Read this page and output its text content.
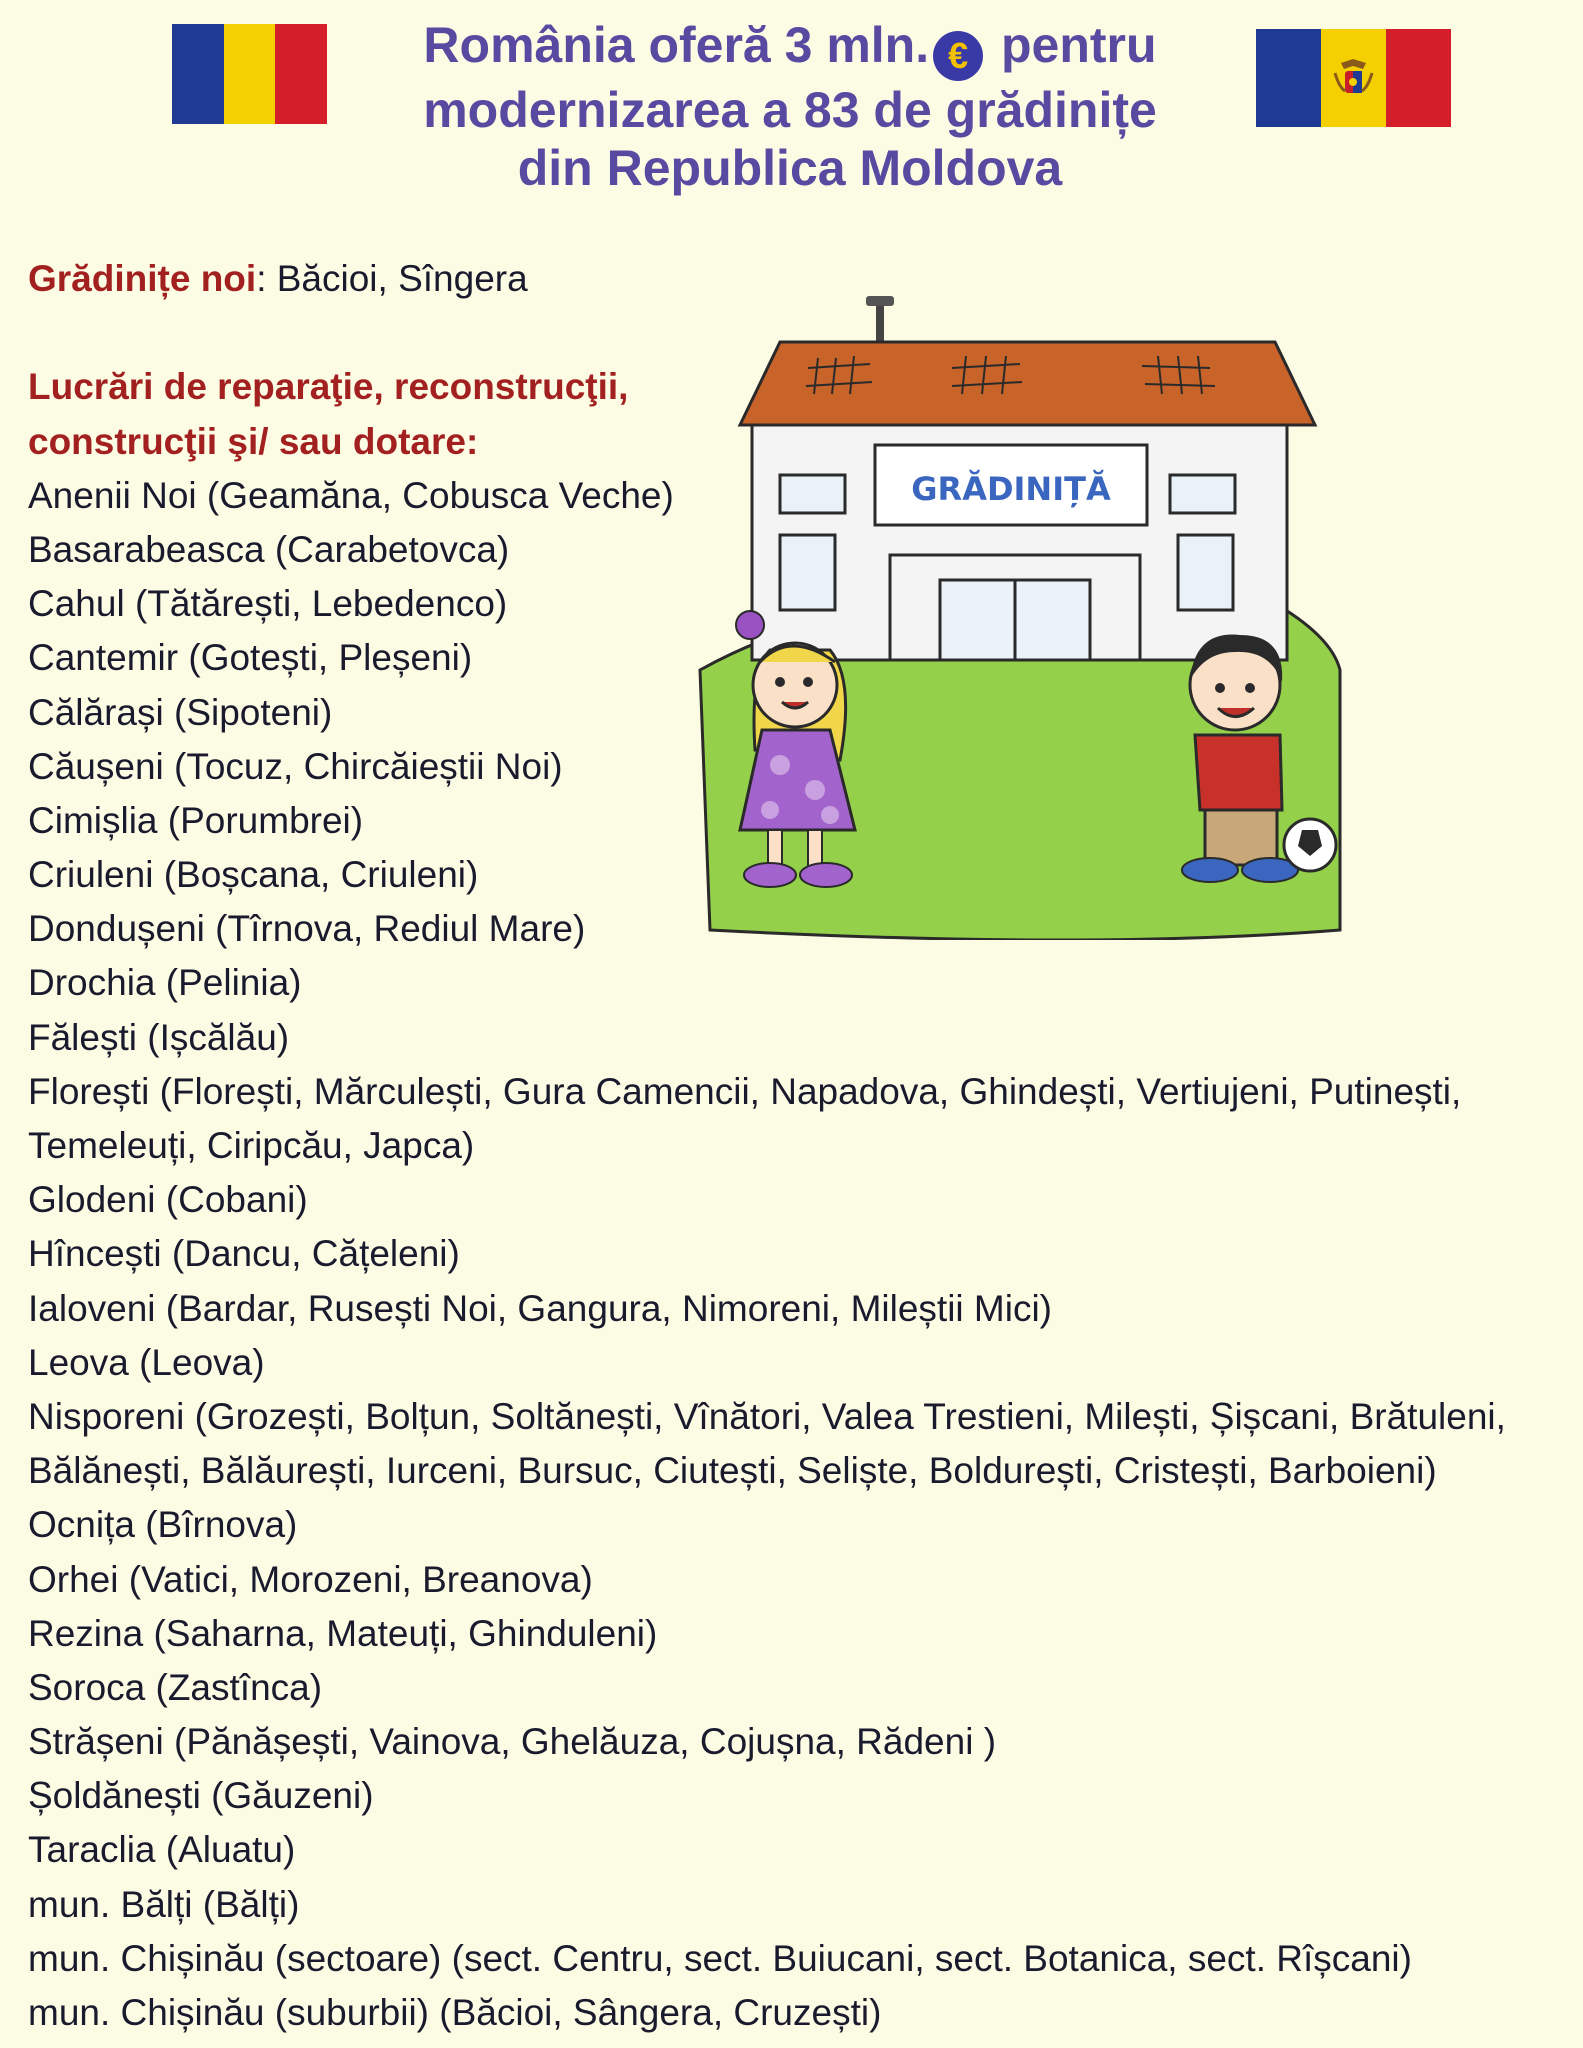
România oferă 3 mln. € pentru
modernizarea a 83 de grădinițe
din Republica Moldova
Grădinițe noi: Băcioi, Sîngera
Lucrări de reparaţie, reconstrucţii,
construcţii şi/ sau dotare:
Anenii Noi (Geamăna, Cobusca Veche)
Basarabeasca (Carabetovca)
Cahul (Tătărești, Lebedenco)
Cantemir (Gotești, Pleșeni)
Călărași (Sipoteni)
Căușeni (Tocuz, Chircăieștii Noi)
Cimișlia (Porumbrei)
Criuleni (Boșcana, Criuleni)
Dondușeni (Tîrnova, Rediul Mare)
Drochia (Pelinia)
Fălești (Ișcălău)
Florești (Florești, Mărculești, Gura Camencii, Napadova, Ghindești, Vertiujeni, Putinești,
Temeleuți, Ciripcău, Japca)
Glodeni (Cobani)
Hîncești (Dancu, Cățeleni)
Ialoveni (Bardar, Rusești Noi, Gangura, Nimoreni, Mileștii Mici)
Leova (Leova)
Nisporeni (Grozești, Bolțun, Soltănești, Vînători, Valea Trestieni, Milești, Șișcani, Brătuleni,
Bălănești, Bălăurești, Iurceni, Bursuc, Ciutești, Seliște, Boldurești, Cristești, Barboieni)
Ocnița (Bîrnova)
Orhei (Vatici, Morozeni, Breanova)
Rezina (Saharna, Mateuți, Ghinduleni)
Soroca (Zastînca)
Strășeni (Pănășești, Vainova, Ghelăuza, Cojușna, Rădeni )
Șoldănești (Găuzeni)
Taraclia (Aluatu)
mun. Bălți (Bălți)
mun. Chișinău (sectoare) (sect. Centru, sect. Buiucani, sect. Botanica, sect. Rîșcani)
mun. Chișinău (suburbii) (Băcioi, Sângera, Cruzești)
GRĂDINIȚĂ
